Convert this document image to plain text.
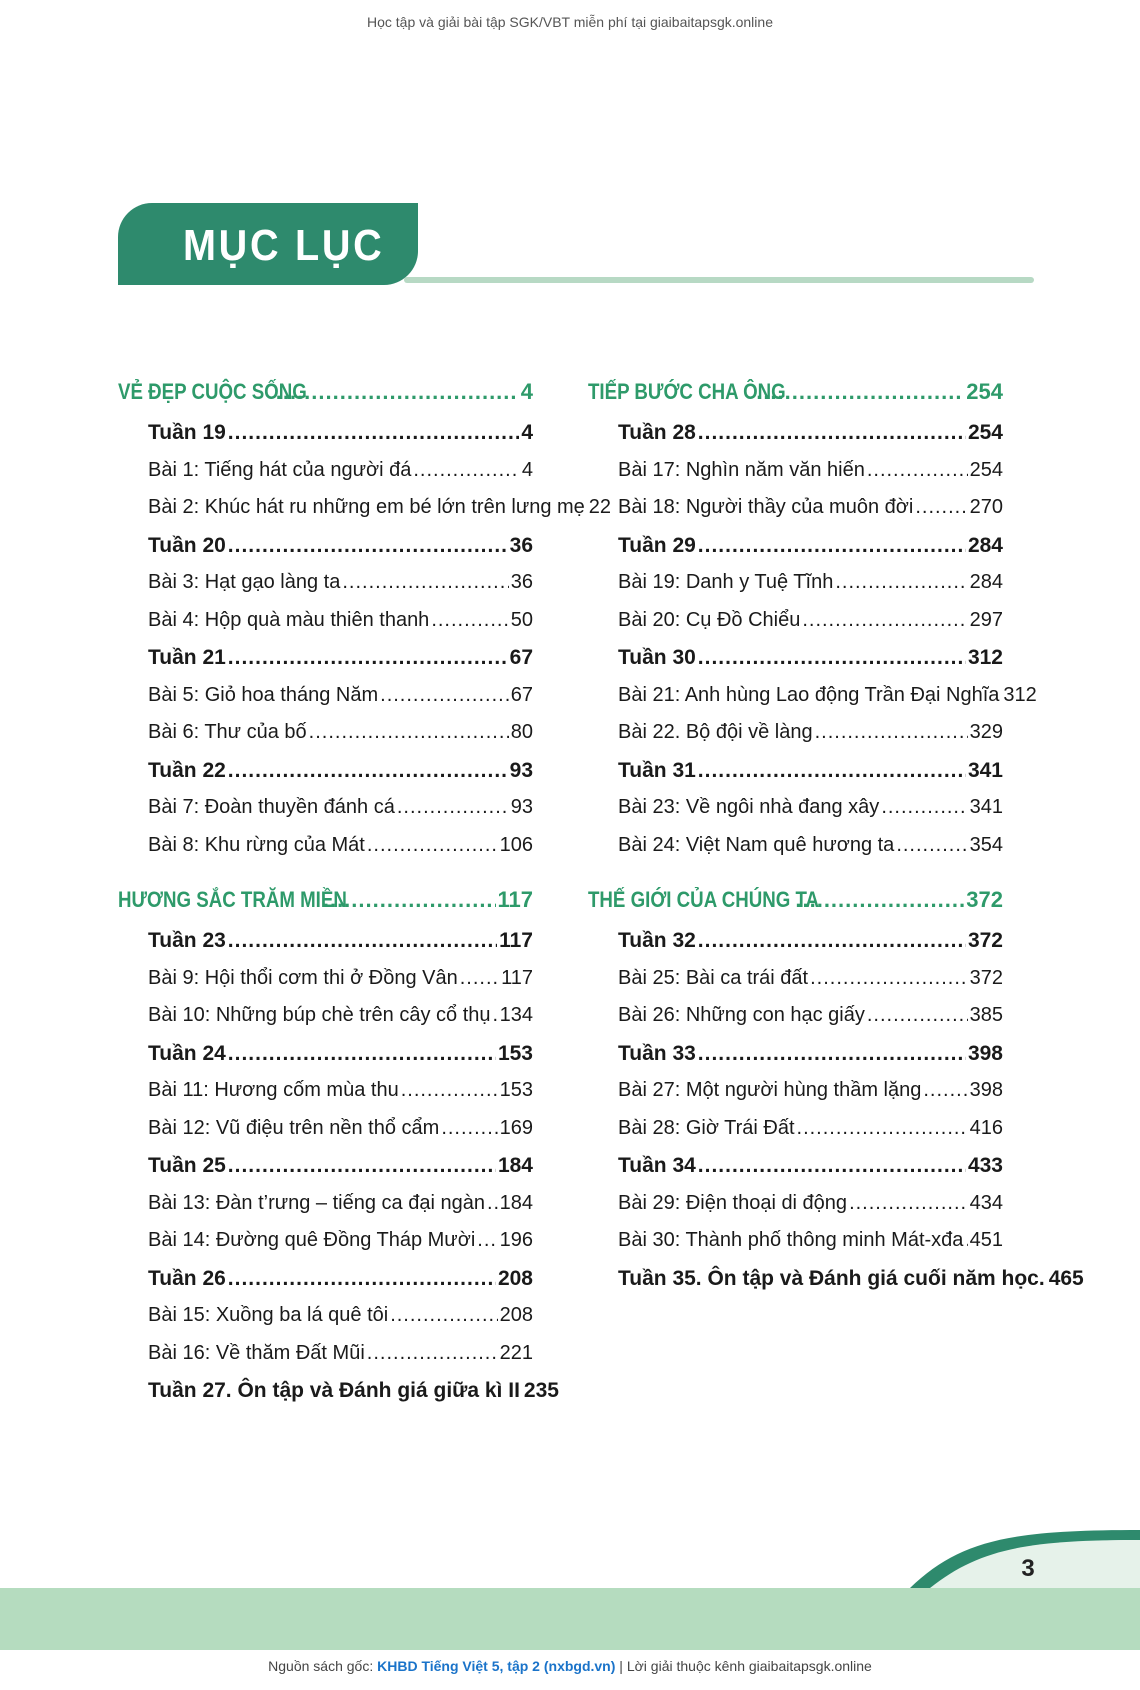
Học tập và giải bài tập SGK/VBT miễn phí tại giaibaitapsgk.online
MỤC LỤC
VẺ ĐẸP CUỘC SỐNG .....	4
Tuần 19 .....	4
Bài 1: Tiếng hát của người đá .....	4
Bài 2: Khúc hát ru những em bé lớn trên lưng mẹ 22
Tuần 20 .....	36
Bài 3: Hạt gạo làng ta .....	36
Bài 4: Hộp quà màu thiên thanh .....	50
Tuần 21 .....	67
Bài 5: Giỏ hoa tháng Năm .....	67
Bài 6: Thư của bố .....	80
Tuần 22 .....	93
Bài 7: Đoàn thuyền đánh cá .....	93
Bài 8: Khu rừng của Mát .....	106
HƯƠNG SẮC TRĂM MIỀN .....	117
Tuần 23 .....	117
Bài 9: Hội thổi cơm thi ở Đồng Vân ..... 117
Bài 10: Những búp chè trên cây cổ thụ ..... 134
Tuần 24 .....	153
Bài 11: Hương cốm mùa thu .....	153
Bài 12: Vũ điệu trên nền thổ cẩm .....	169
Tuần 25 .....	184
Bài 13: Đàn t’rưng – tiếng ca đại ngàn ..... 184
Bài 14: Đường quê Đồng Tháp Mười ..... 196
Tuần 26 .....	208
Bài 15: Xuồng ba lá quê tôi .....	208
Bài 16: Về thăm Đất Mũi .....	221
Tuần 27. Ôn tập và Đánh giá giữa kì II 235
TIẾP BƯỚC CHA ÔNG .....	254
Tuần 28 .....	254
Bài 17: Nghìn năm văn hiến .....	254
Bài 18: Người thầy của muôn đời .....	270
Tuần 29 .....	284
Bài 19: Danh y Tuệ Tĩnh .....	284
Bài 20: Cụ Đồ Chiểu .....	297
Tuần 30 .....	312
Bài 21: Anh hùng Lao động Trần Đại Nghĩa 312
Bài 22. Bộ đội về làng .....	329
Tuần 31 .....	341
Bài 23: Về ngôi nhà đang xây .....	341
Bài 24: Việt Nam quê hương ta .....	354
THẾ GIỚI CỦA CHÚNG TA .....	372
Tuần 32 .....	372
Bài 25: Bài ca trái đất .....	372
Bài 26: Những con hạc giấy .....	385
Tuần 33 .....	398
Bài 27: Một người hùng thầm lặng ..... 398
Bài 28: Giờ Trái Đất .....	416
Tuần 34 .....	433
Bài 29: Điện thoại di động .....	434
Bài 30: Thành phố thông minh Mát-xđa ..... 451
Tuần 35. Ôn tập và Đánh giá cuối năm học. 465
3
Nguồn sách gốc: KHBD Tiếng Việt 5, tập 2 (nxbgd.vn) | Lời giải thuộc kênh giaibaitapsgk.online
